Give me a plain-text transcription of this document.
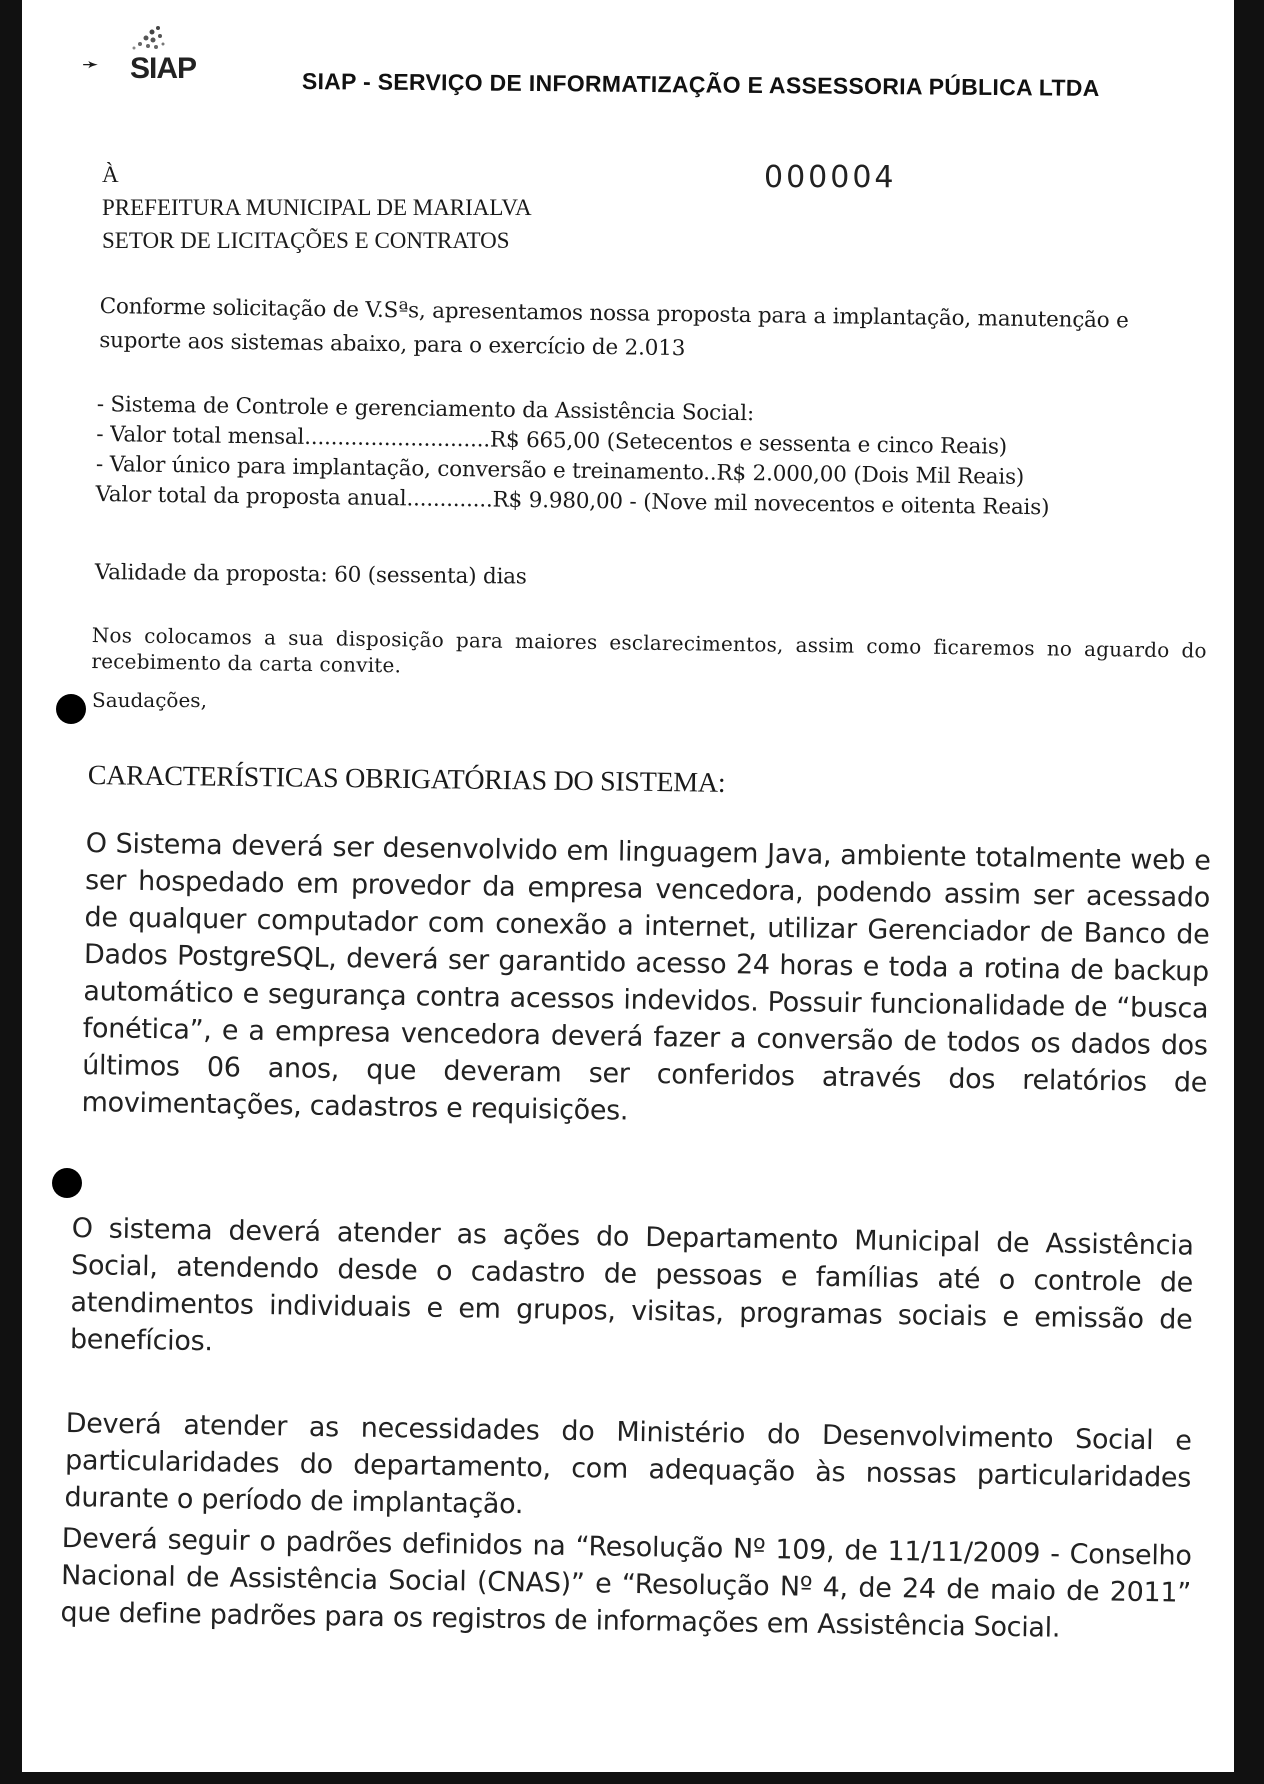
➛ SIAP	SIAP - SERVIÇO DE INFORMATIZAÇÃO E ASSESSORIA PÚBLICA LTDA
000004
À
PREFEITURA MUNICIPAL DE MARIALVA
SETOR DE LICITAÇÕES E CONTRATOS
Conforme solicitação de V.Sªs, apresentamos nossa proposta para a implantação, manutenção e suporte aos sistemas abaixo, para o exercício de 2.013
- Sistema de Controle e gerenciamento da Assistência Social:
- Valor total mensal............................R$ 665,00 (Setecentos e sessenta e cinco Reais)
- Valor único para implantação, conversão e treinamento..R$ 2.000,00 (Dois Mil Reais)
Valor total da proposta anual.............R$ 9.980,00 - (Nove mil novecentos e oitenta Reais)
Validade da proposta: 60 (sessenta) dias
Nos colocamos a sua disposição para maiores esclarecimentos, assim como ficaremos no aguardo do recebimento da carta convite.
Saudações,
CARACTERÍSTICAS OBRIGATÓRIAS DO SISTEMA:
O Sistema deverá ser desenvolvido em linguagem Java, ambiente totalmente web e ser hospedado em provedor da empresa vencedora, podendo assim ser acessado de qualquer computador com conexão a internet, utilizar Gerenciador de Banco de Dados PostgreSQL, deverá ser garantido acesso 24 horas e toda a rotina de backup automático e segurança contra acessos indevidos. Possuir funcionalidade de “busca fonética”, e a empresa vencedora deverá fazer a conversão de todos os dados dos últimos 06 anos, que deveram ser conferidos através dos relatórios de movimentações, cadastros e requisições.
O sistema deverá atender as ações do Departamento Municipal de Assistência Social, atendendo desde o cadastro de pessoas e famílias até o controle de atendimentos individuais e em grupos, visitas, programas sociais e emissão de benefícios.
Deverá atender as necessidades do Ministério do Desenvolvimento Social e particularidades do departamento, com adequação às nossas particularidades durante o período de implantação.
Deverá seguir o padrões definidos na “Resolução Nº 109, de 11/11/2009 - Conselho Nacional de Assistência Social (CNAS)” e “Resolução Nº 4, de 24 de maio de 2011” que define padrões para os registros de informações em Assistência Social.
